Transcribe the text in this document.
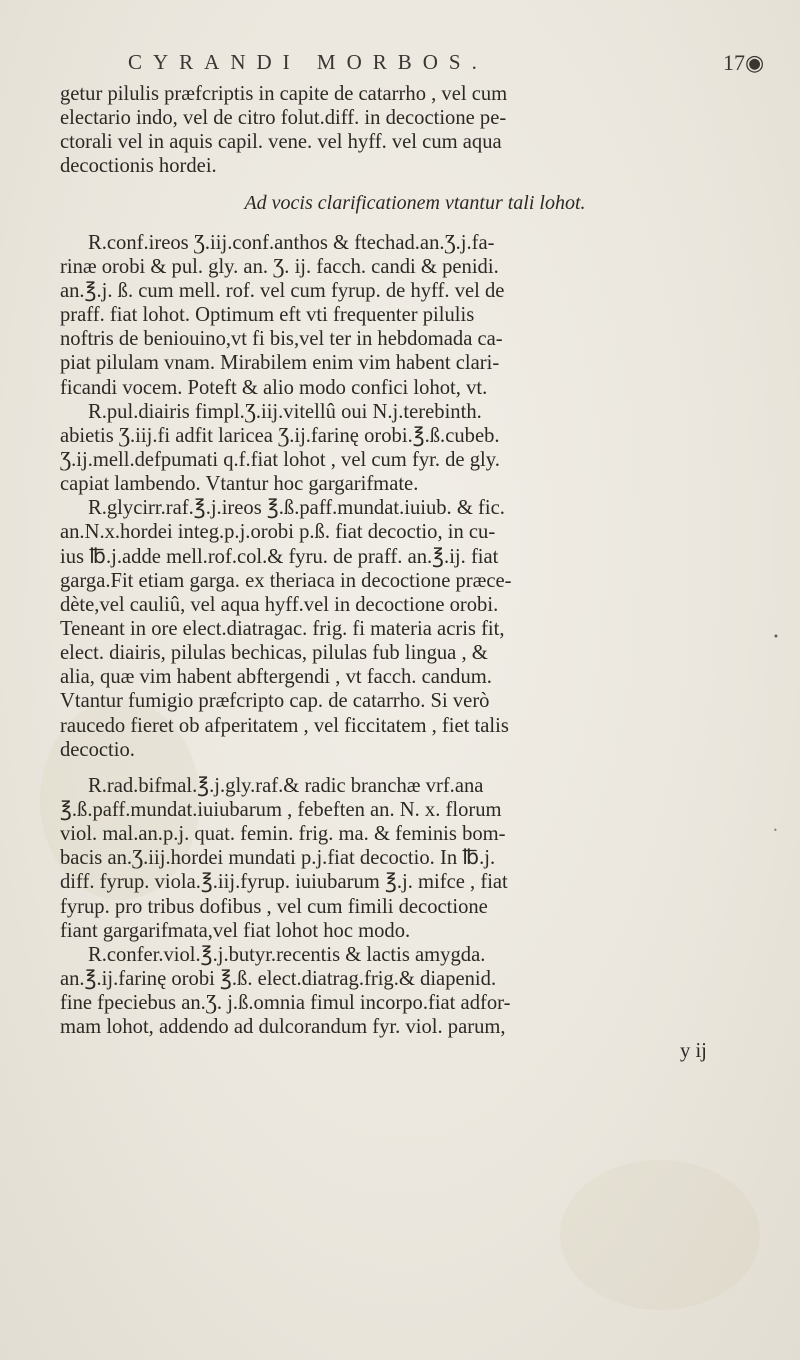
CYRANDI MORBOS.	17◉
getur pilulis præfcriptis in capite de catarrho , vel cum
electario indo, vel de citro folut.diff. in decoctione pe-
ctorali vel in aquis capil. vene. vel hyff. vel cum aqua
decoctionis hordei.
Ad vocis clarificationem vtantur tali lohot.
R.conf.ireos Ʒ.iij.conf.anthos & ftechad.an.Ʒ.j.fa-
rinæ orobi & pul. gly. an. Ʒ. ij. facch. candi & penidi.
an.℥.j. ß. cum mell. rof. vel cum fyrup. de hyff. vel de
praff. fiat lohot. Optimum eft vti frequenter pilulis
noftris de beniouino,vt fi bis,vel ter in hebdomada ca-
piat pilulam vnam. Mirabilem enim vim habent clari-
ficandi vocem. Poteft & alio modo confici lohot, vt.
R.pul.diairis fimpl.Ʒ.iij.vitellû oui N.j.terebinth.
abietis Ʒ.iij.fi adfit laricea Ʒ.ij.farinę orobi.℥.ß.cubeb.
Ʒ.ij.mell.defpumati q.f.fiat lohot , vel cum fyr. de gly.
capiat lambendo. Vtantur hoc gargarifmate.
R.glycirr.raf.℥.j.ireos ℥.ß.paff.mundat.iuiub. & fic.
an.N.x.hordei integ.p.j.orobi p.ß. fiat decoctio, in cu-
ius ℔.j.adde mell.rof.col.& fyru. de praff. an.℥.ij. fiat
garga.Fit etiam garga. ex theriaca in decoctione præce-
dète,vel cauliû, vel aqua hyff.vel in decoctione orobi.
Teneant in ore elect.diatragac. frig. fi materia acris fit,
elect. diairis, pilulas bechicas, pilulas fub lingua , &
alia, quæ vim habent abftergendi , vt facch. candum.
Vtantur fumigio præfcripto cap. de catarrho. Si verò
raucedo fieret ob afperitatem , vel ficcitatem , fiet talis
decoctio.
R.rad.bifmal.℥.j.gly.raf.& radic branchæ vrf.ana
℥.ß.paff.mundat.iuiubarum , febeften an. N. x. florum
viol. mal.an.p.j. quat. femin. frig. ma. & feminis bom-
bacis an.Ʒ.iij.hordei mundati p.j.fiat decoctio. In ℔.j.
diff. fyrup. viola.℥.iij.fyrup. iuiubarum ℥.j. mifce , fiat
fyrup. pro tribus dofibus , vel cum fimili decoctione
fiant gargarifmata,vel fiat lohot hoc modo.
R.confer.viol.℥.j.butyr.recentis & lactis amygda.
an.℥.ij.farinę orobi ℥.ß. elect.diatrag.frig.& diapenid.
fine fpeciebus an.Ʒ. j.ß.omnia fimul incorpo.fiat adfor-
mam lohot, addendo ad dulcorandum fyr. viol. parum,
y ij
•
•
